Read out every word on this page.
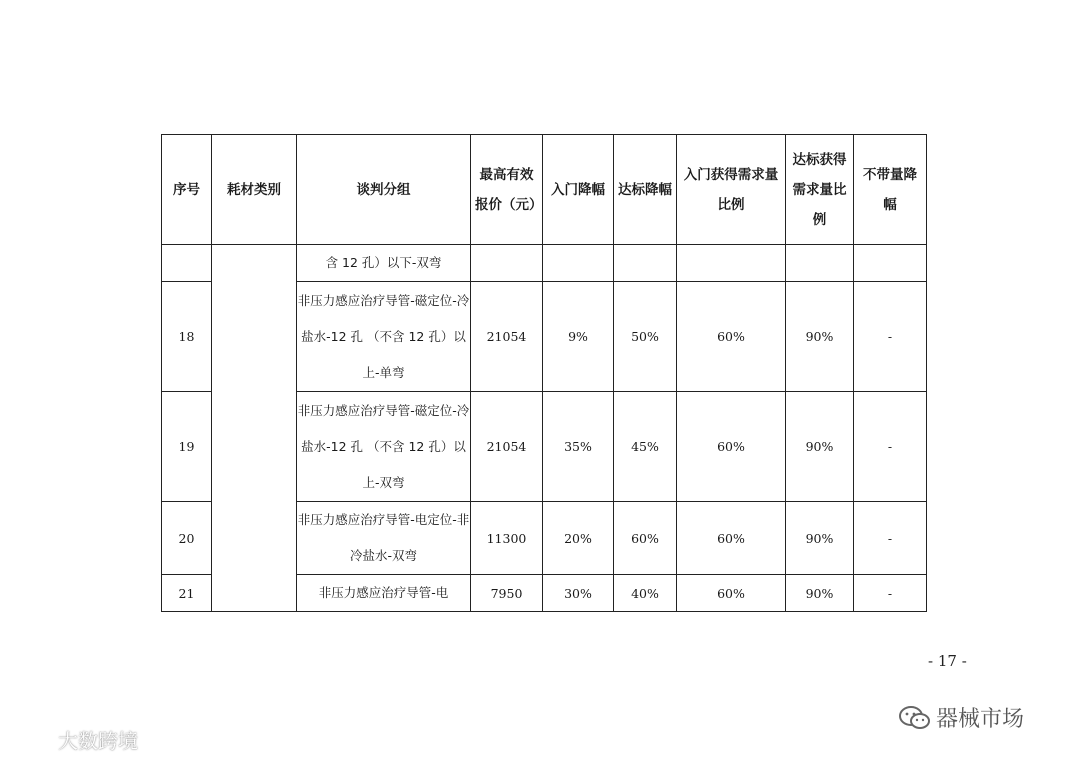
序号	耗材类别	谈判分组	最高有效报价（元）	入门降幅	达标降幅	入门获得需求量比例	达标获得需求量比例	不带量降幅
		含 12 孔）以下-双弯						
18		非压力感应治疗导管-磁定位-冷盐水-12 孔 （不含 12 孔）以上-单弯	21054	9%	50%	60%	90%	-
19		非压力感应治疗导管-磁定位-冷盐水-12 孔 （不含 12 孔）以上-双弯	21054	35%	45%	60%	90%	-
20		非压力感应治疗导管-电定位-非冷盐水-双弯	11300	20%	60%	60%	90%	-
21		非压力感应治疗导管-电	7950	30%	40%	60%	90%	-
- 17 -
器械市场
大数跨境
